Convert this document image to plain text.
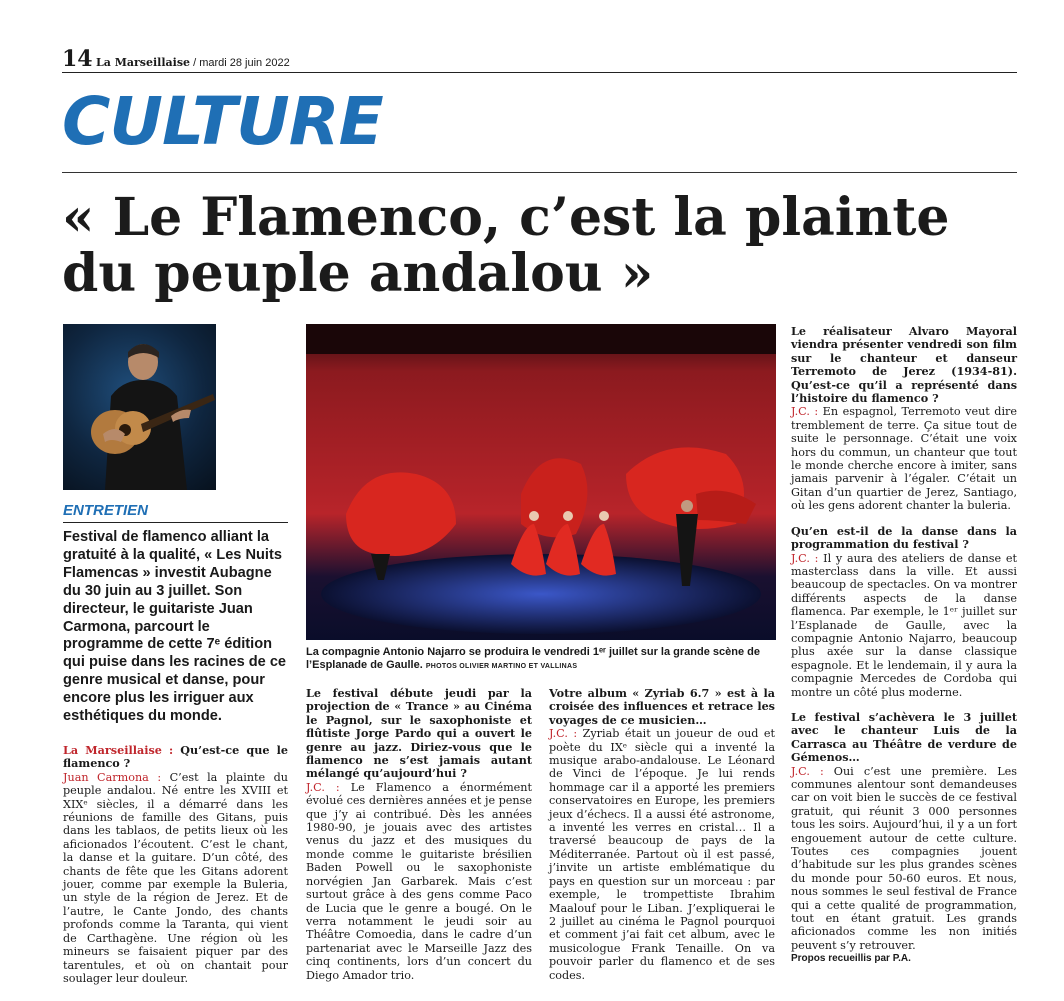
14 La Marseillaise / mardi 28 juin 2022
CULTURE
« Le Flamenco, c’est la plainte du peuple andalou »
La compagnie Antonio Najarro se produira le vendredi 1ᵉʳ juillet sur la grande scène de l’Esplanade de Gaulle. PHOTOS OLIVIER MARTINO ET VALLINAS
ENTRETIEN
Festival de flamenco alliant la gratuité à la qualité, « Les Nuits Flamencas » investit Aubagne du 30 juin au 3 juillet. Son directeur, le guitariste Juan Carmona, parcourt le programme de cette 7ᵉ édition qui puise dans les racines de ce genre musical et danse, pour encore plus les irriguer aux esthétiques du monde.

La Marseillaise : Qu’est-ce que le flamenco ?

Juan Carmona : C’est la plainte du peuple andalou. Né entre les XVIII et XIXᵉ siècles, il a démarré dans les réunions de famille des Gitans, puis dans les tablaos, de petits lieux où les aficionados l’écoutent. C’est le chant, la danse et la guitare. D’un côté, des chants de fête que les Gitans adorent jouer, comme par exemple la Buleria, un style de la région de Jerez. Et de l’autre, le Cante Jondo, des chants profonds comme la Taranta, qui vient de Carthagène. Une région où les mineurs se faisaient piquer par des tarentules, et où on chantait pour soulager leur douleur.

Le festival débute jeudi par la projection de « Trance » au Cinéma le Pagnol, sur le saxophoniste et flûtiste Jorge Pardo qui a ouvert le genre au jazz. Diriez-vous que le flamenco ne s’est jamais autant mélangé qu’aujourd’hui ?

J.C. : Le Flamenco a énormément évolué ces dernières années et je pense que j’y ai contribué. Dès les années 1980-90, je jouais avec des artistes venus du jazz et des musiques du monde comme le guitariste brésilien Baden Powell ou le saxophoniste norvégien Jan Garbarek. Mais c’est surtout grâce à des gens comme Paco de Lucia que le genre a bougé. On le verra notamment le jeudi soir au Théâtre Comoedia, dans le cadre d’un partenariat avec le Marseille Jazz des cinq continents, lors d’un concert du Diego Amador trio.

Votre album « Zyriab 6.7 » est à la croisée des influences et retrace les voyages de ce musicien…

J.C. : Zyriab était un joueur de oud et poète du IXᵉ siècle qui a inventé la musique arabo-andalouse. Le Léonard de Vinci de l’époque. Je lui rends hommage car il a apporté les premiers conservatoires en Europe, les premiers jeux d’échecs. Il a aussi été astronome, a inventé les verres en cristal… Il a traversé beaucoup de pays de la Méditerranée. Partout où il est passé, j’invite un artiste emblématique du pays en question sur un morceau : par exemple, le trompettiste Ibrahim Maalouf pour le Liban. J’expliquerai le 2 juillet au cinéma le Pagnol pourquoi et comment j’ai fait cet album, avec le musicologue Frank Tenaille. On va pouvoir parler du flamenco et de ses codes.

Le réalisateur Alvaro Mayoral viendra présenter vendredi son film sur le chanteur et danseur Terremoto de Jerez (1934-81). Qu’est-ce qu’il a représenté dans l’histoire du flamenco ?

J.C. : En espagnol, Terremoto veut dire tremblement de terre. Ça situe tout de suite le personnage. C’était une voix hors du commun, un chanteur que tout le monde cherche encore à imiter, sans jamais parvenir à l’égaler. C’était un Gitan d’un quartier de Jerez, Santiago, où les gens adorent chanter la buleria.

Qu’en est-il de la danse dans la programmation du festival ?

J.C. : Il y aura des ateliers de danse et masterclass dans la ville. Et aussi beaucoup de spectacles. On va montrer différents aspects de la danse flamenca. Par exemple, le 1ᵉʳ juillet sur l’Esplanade de Gaulle, avec la compagnie Antonio Najarro, beaucoup plus axée sur la danse classique espagnole. Et le lendemain, il y aura la compagnie Mercedes de Cordoba qui montre un côté plus moderne.

Le festival s’achèvera le 3 juillet avec le chanteur Luis de la Carrasca au Théâtre de verdure de Gémenos…

J.C. : Oui c’est une première. Les communes alentour sont demandeuses car on voit bien le succès de ce festival gratuit, qui réunit 3 000 personnes tous les soirs. Aujourd’hui, il y a un fort engouement autour de cette culture. Toutes ces compagnies jouent d’habitude sur les plus grandes scènes du monde pour 50-60 euros. Et nous, nous sommes le seul festival de France qui a cette qualité de programmation, tout en étant gratuit. Les grands aficionados comme les non initiés peuvent s’y retrouver.

Propos recueillis par P.A.
